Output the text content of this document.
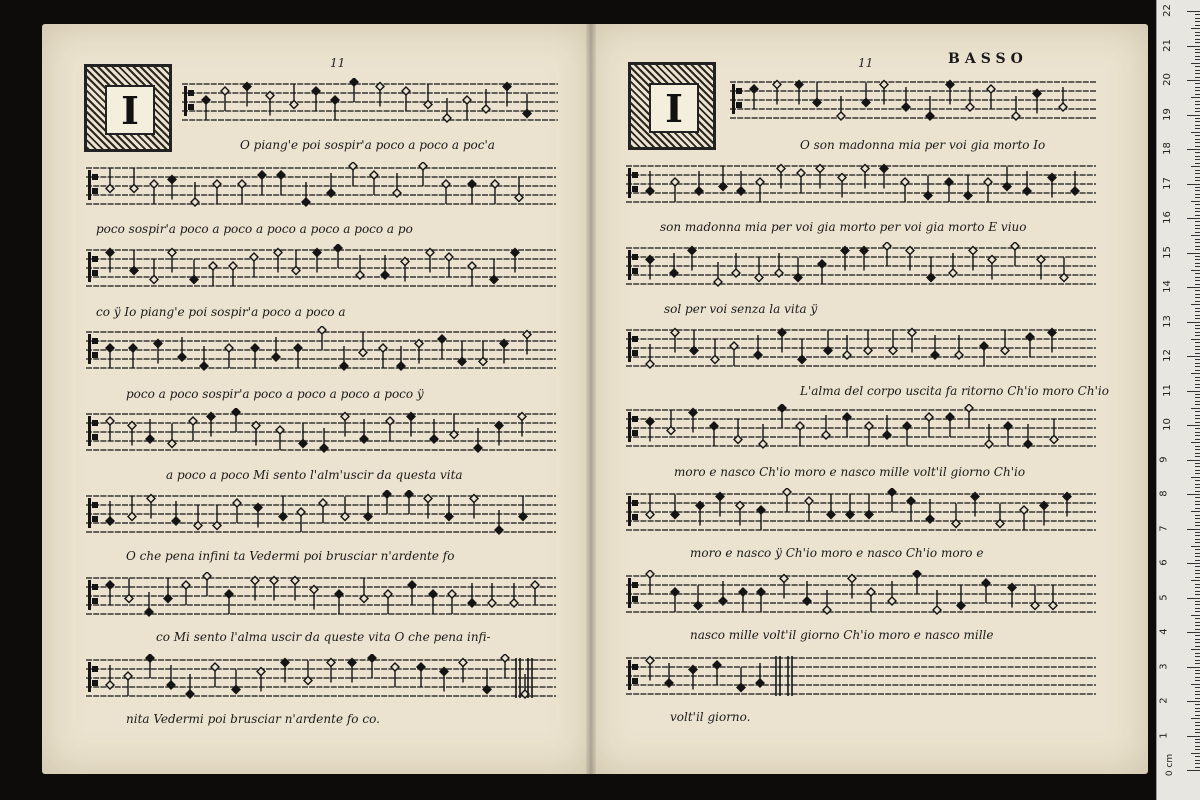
11	11	BASSO
I	I
O piang'e poi sospir'a poco a poco a poc'a
poco sospir'a poco a poco a poco a poco a poco a po
co ÿ Io piang'e poi sospir'a poco a poco a
poco a poco sospir'a poco a poco a poco a poco ÿ
a poco a poco Mi sento l'alm'uscir da questa vita
O che pena infini ta Vedermi poi brusciar n'ardente fo
co Mi sento l'alma uscir da queste vita O che pena infi-
nita Vedermi poi brusciar n'ardente fo co.
O son madonna mia per voi gia morto Io
son madonna mia per voi gia morto per voi gia morto E viuo
sol per voi senza la vita ÿ
L'alma del corpo uscita fa ritorno Ch'io moro Ch'io
moro e nasco Ch'io moro e nasco mille volt'il giorno Ch'io
moro e nasco ÿ Ch'io moro e nasco Ch'io moro e
nasco mille volt'il giorno Ch'io moro e nasco mille
volt'il giorno.
0 cm
1
2
3
4
5
6
7
8
9
10
11
12
13
14
15
16
17
18
19
20
21
22
